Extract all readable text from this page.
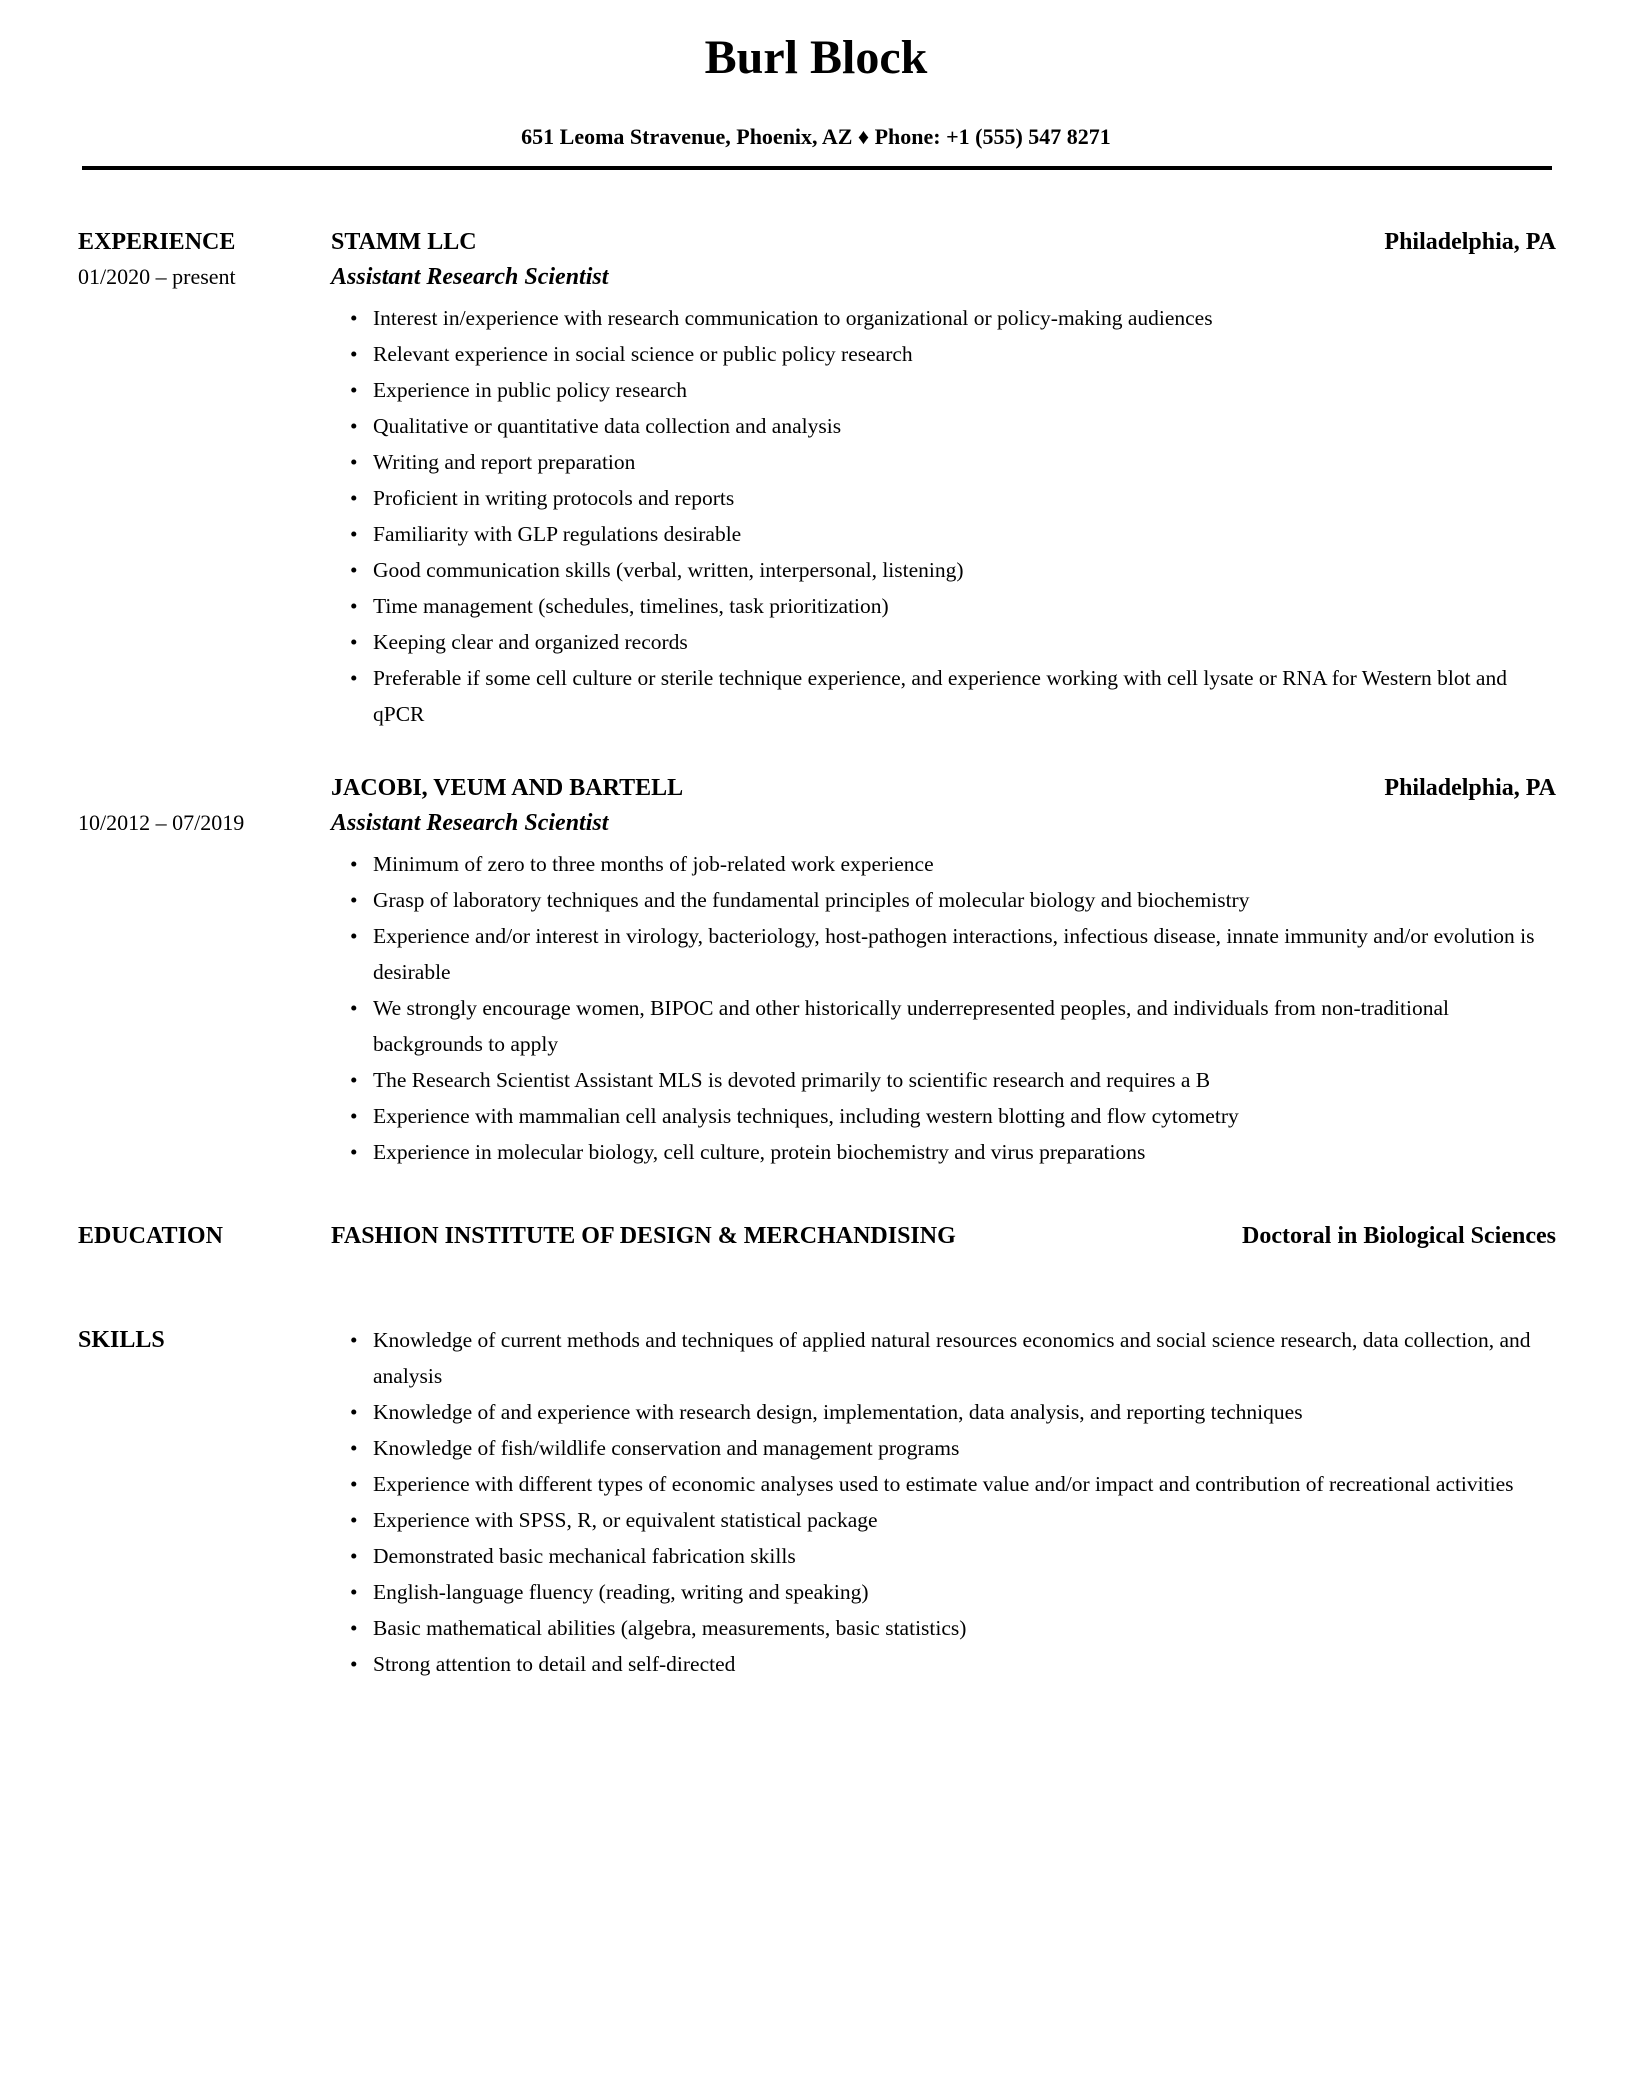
Burl Block
651 Leoma Stravenue, Phoenix, AZ ♦ Phone: +1 (555) 547 8271
EXPERIENCE
01/2020 – present
STAMM LLC	Philadelphia, PA
Assistant Research Scientist
• Interest in/experience with research communication to organizational or policy-making audiences
• Relevant experience in social science or public policy research
• Experience in public policy research
• Qualitative or quantitative data collection and analysis
• Writing and report preparation
• Proficient in writing protocols and reports
• Familiarity with GLP regulations desirable
• Good communication skills (verbal, written, interpersonal, listening)
• Time management (schedules, timelines, task prioritization)
• Keeping clear and organized records
• Preferable if some cell culture or sterile technique experience, and experience working with cell lysate or RNA for Western blot and qPCR
10/2012 – 07/2019
JACOBI, VEUM AND BARTELL	Philadelphia, PA
Assistant Research Scientist
• Minimum of zero to three months of job-related work experience
• Grasp of laboratory techniques and the fundamental principles of molecular biology and biochemistry
• Experience and/or interest in virology, bacteriology, host-pathogen interactions, infectious disease, innate immunity and/or evolution is desirable
• We strongly encourage women, BIPOC and other historically underrepresented peoples, and individuals from non-traditional backgrounds to apply
• The Research Scientist Assistant MLS is devoted primarily to scientific research and requires a B
• Experience with mammalian cell analysis techniques, including western blotting and flow cytometry
• Experience in molecular biology, cell culture, protein biochemistry and virus preparations
EDUCATION	FASHION INSTITUTE OF DESIGN & MERCHANDISING	Doctoral in Biological Sciences
SKILLS	• Knowledge of current methods and techniques of applied natural resources economics and social science research, data collection, and analysis
• Knowledge of and experience with research design, implementation, data analysis, and reporting techniques
• Knowledge of fish/wildlife conservation and management programs
• Experience with different types of economic analyses used to estimate value and/or impact and contribution of recreational activities
• Experience with SPSS, R, or equivalent statistical package
• Demonstrated basic mechanical fabrication skills
• English-language fluency (reading, writing and speaking)
• Basic mathematical abilities (algebra, measurements, basic statistics)
• Strong attention to detail and self-directed
